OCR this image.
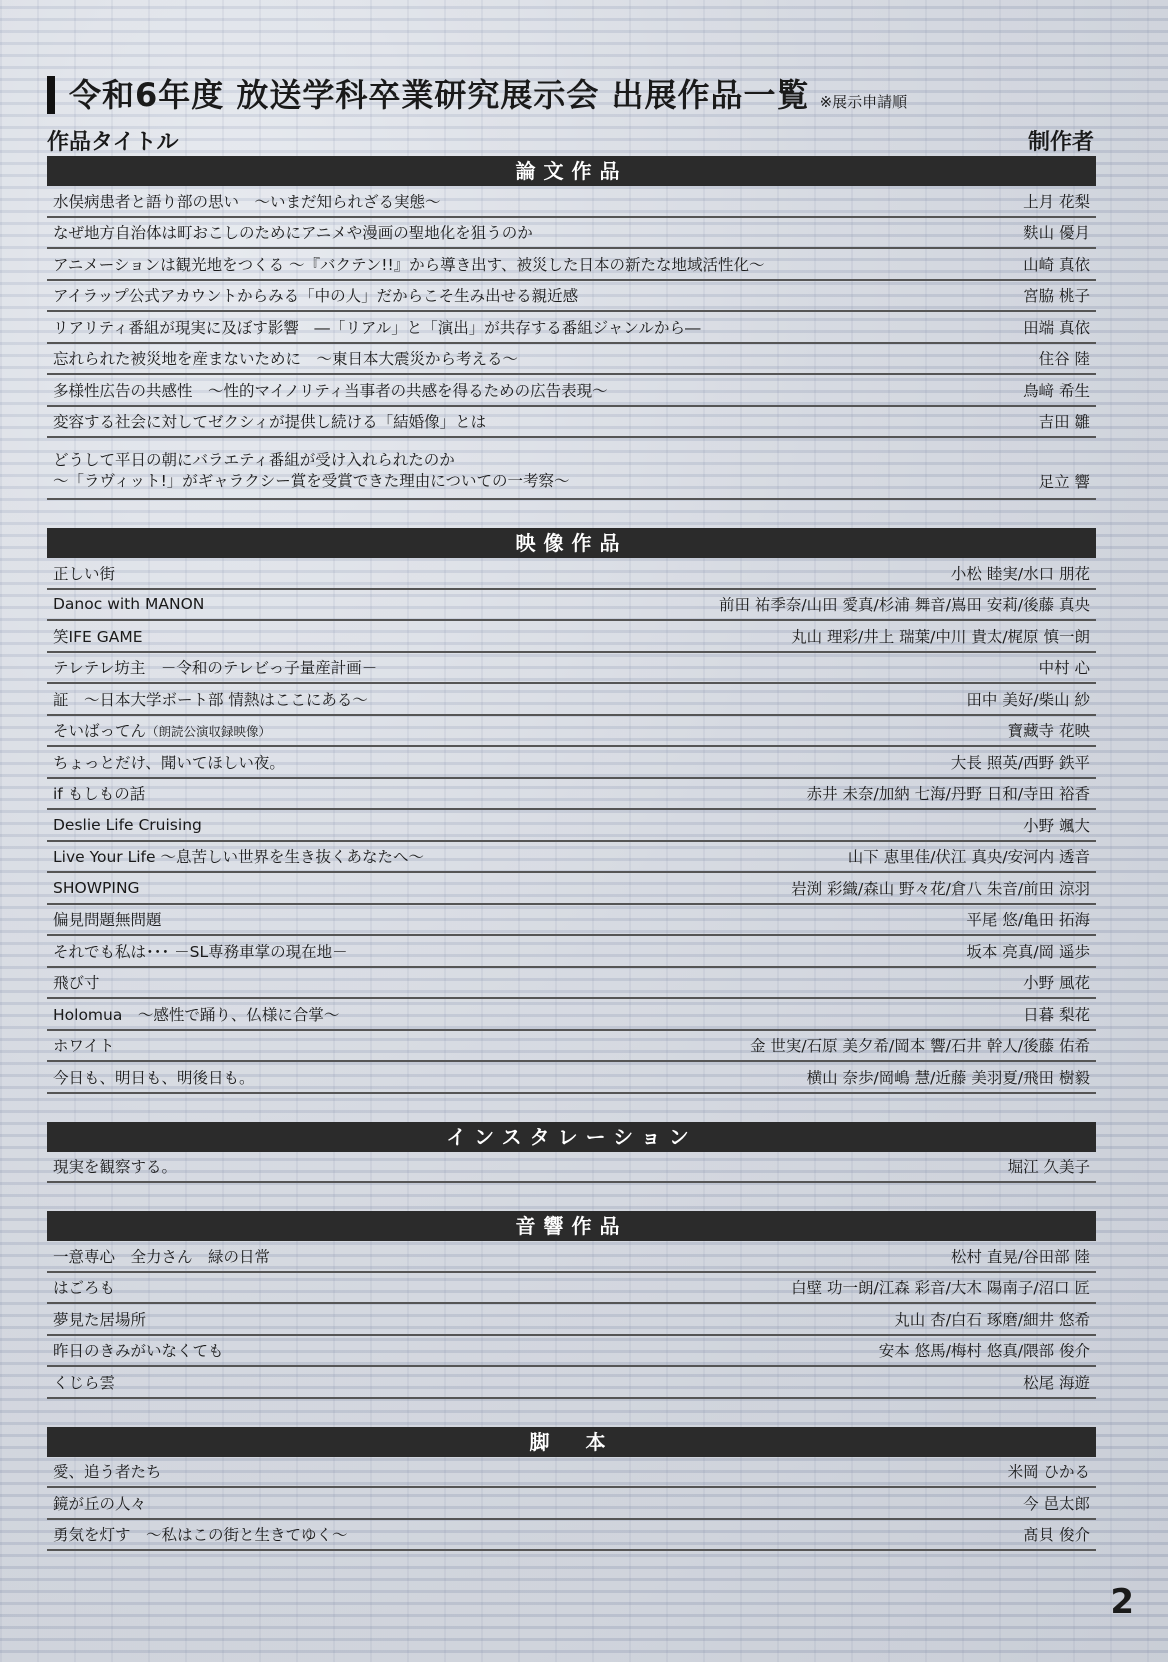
令和6年度 放送学科卒業研究展示会 出展作品一覧 ※展示申請順
作品タイトル	制作者
論文作品
水俣病患者と語り部の思い　～いまだ知られざる実態～	上月 花梨
なぜ地方自治体は町おこしのためにアニメや漫画の聖地化を狙うのか	麩山 優月
アニメーションは観光地をつくる ～『バクテン!!』から導き出す、被災した日本の新たな地域活性化～	山崎 真依
アイラップ公式アカウントからみる「中の人」だからこそ生み出せる親近感	宮脇 桃子
リアリティ番組が現実に及ぼす影響　―「リアル」と「演出」が共存する番組ジャンルから―	田端 真依
忘れられた被災地を産まないために　～東日本大震災から考える～	住谷 陸
多様性広告の共感性　～性的マイノリティ当事者の共感を得るための広告表現～	鳥﨑 希生
変容する社会に対してゼクシィが提供し続ける「結婚像」とは	吉田 雛
どうして平日の朝にバラエティ番組が受け入れられたのか
～「ラヴィット!」がギャラクシー賞を受賞できた理由についての一考察～	足立 響
映像作品
正しい街	小松 睦実/水口 朋花
Danoc with MANON	前田 祐季奈/山田 愛真/杉浦 舞音/嶌田 安莉/後藤 真央
笑IFE GAME	丸山 理彩/井上 瑞葉/中川 貴太/梶原 慎一朗
テレテレ坊主　－令和のテレビっ子量産計画－	中村 心
証　～日本大学ボート部 情熱はここにある～	田中 美好/柴山 紗
そいばってん（朗読公演収録映像）	寶藏寺 花映
ちょっとだけ、聞いてほしい夜。	大長 照英/西野 鉄平
if もしもの話	赤井 未奈/加納 七海/丹野 日和/寺田 裕香
Deslie Life Cruising	小野 颯大
Live Your Life ～息苦しい世界を生き抜くあなたへ～	山下 恵里佳/伏江 真央/安河内 透音
SHOWPING	岩渕 彩織/森山 野々花/倉八 朱音/前田 涼羽
偏見問題無問題	平尾 悠/亀田 拓海
それでも私は･･･ －SL専務車掌の現在地－	坂本 亮真/岡 遥歩
飛び寸	小野 風花
Holomua　～感性で踊り、仏様に合掌～	日暮 梨花
ホワイト	金 世実/石原 美夕希/岡本 響/石井 幹人/後藤 佑希
今日も、明日も、明後日も。	横山 奈歩/岡嶋 慧/近藤 美羽夏/飛田 樹毅
インスタレーション
現実を観察する。	堀江 久美子
音響作品
一意専心　全力さん　緑の日常	松村 直晃/谷田部 陸
はごろも	白壁 功一朗/江森 彩音/大木 陽南子/沼口 匠
夢見た居場所	丸山 杏/白石 琢磨/細井 悠希
昨日のきみがいなくても	安本 悠馬/梅村 悠真/隈部 俊介
くじら雲	松尾 海遊
脚　本
愛、追う者たち	米岡 ひかる
鏡が丘の人々	今 邑太郎
勇気を灯す　～私はこの街と生きてゆく～	髙貝 俊介
2
